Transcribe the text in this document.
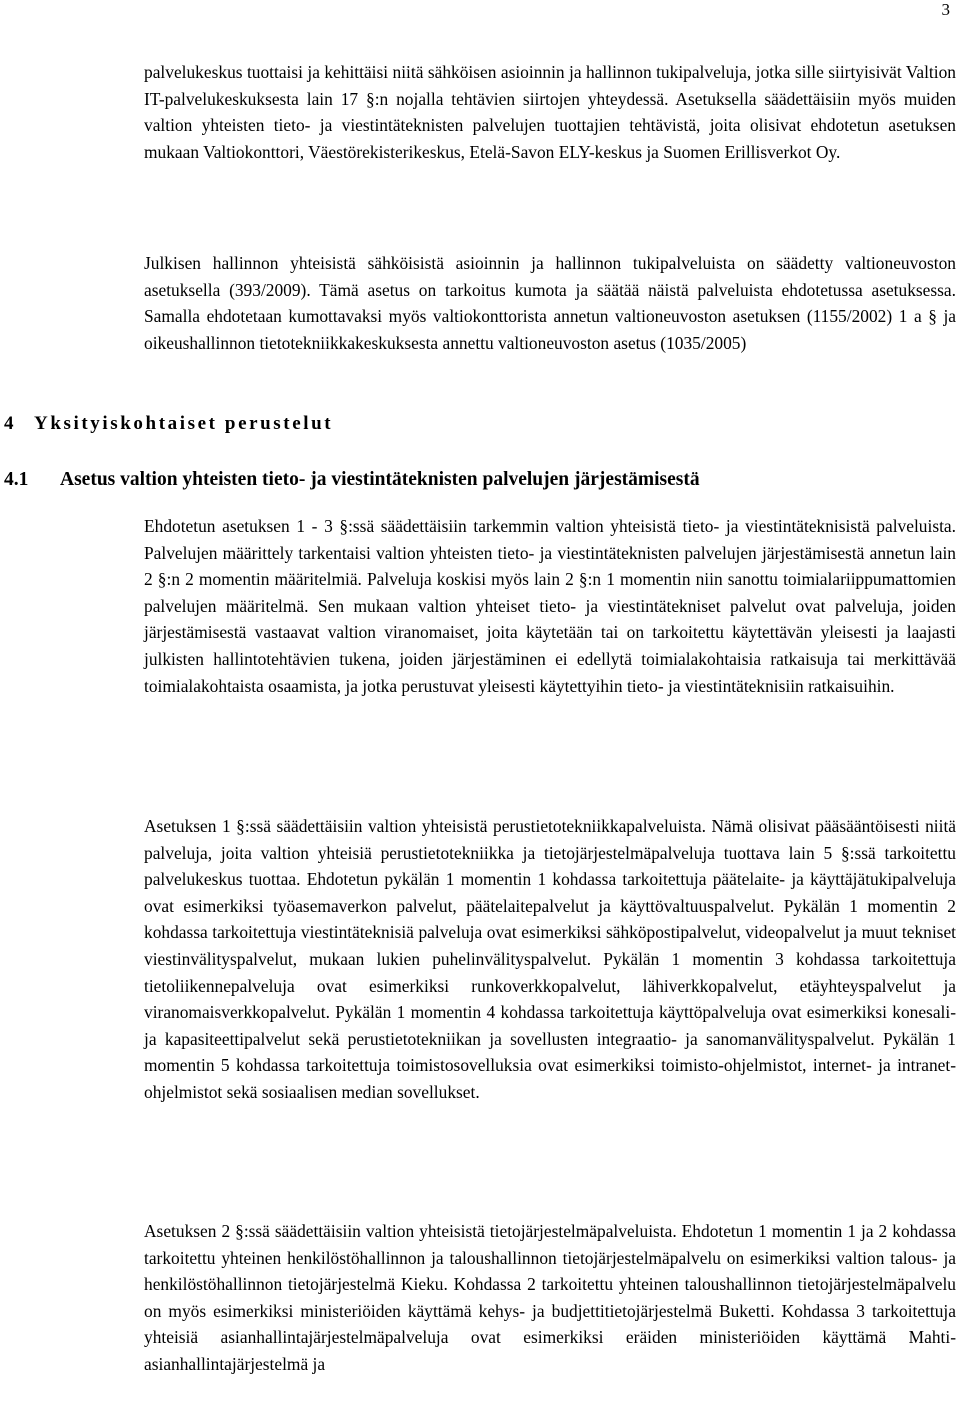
3

palvelukeskus tuottaisi ja kehittäisi niitä sähköisen asioinnin ja hallinnon tukipalveluja, jotka sille siirtyisivät Valtion IT-palvelukeskuksesta lain 17 §:n nojalla tehtävien siirtojen yhteydessä. Asetuksella säädettäisiin myös muiden valtion yhteisten tieto- ja viestintäteknisten palvelujen tuottajien tehtävistä, joita olisivat ehdotetun asetuksen mukaan Valtiokonttori, Väestörekisterikeskus, Etelä-Savon ELY-keskus ja Suomen Erillisverkot Oy.

Julkisen hallinnon yhteisistä sähköisistä asioinnin ja hallinnon tukipalveluista on säädetty valtioneuvoston asetuksella (393/2009). Tämä asetus on tarkoitus kumota ja säätää näistä palveluista ehdotetussa asetuksessa. Samalla ehdotetaan kumottavaksi myös valtiokonttorista annetun valtioneuvoston asetuksen (1155/2002) 1 a § ja oikeushallinnon tietotekniikkakeskuksesta annettu valtioneuvoston asetus (1035/2005)

4 Yksityiskohtaiset perustelut
4.1 Asetus valtion yhteisten tieto- ja viestintäteknisten palvelujen järjestämisestä

Ehdotetun asetuksen 1 - 3 §:ssä säädettäisiin tarkemmin valtion yhteisistä tieto- ja viestintäteknisistä palveluista. Palvelujen määrittely tarkentaisi valtion yhteisten tieto- ja viestintäteknisten palvelujen järjestämisestä annetun lain 2 §:n 2 momentin määritelmiä. Palveluja koskisi myös lain 2 §:n 1 momentin niin sanottu toimialariippumattomien palvelujen määritelmä. Sen mukaan valtion yhteiset tieto- ja viestintätekniset palvelut ovat palveluja, joiden järjestämisestä vastaavat valtion viranomaiset, joita käytetään tai on tarkoitettu käytettävän yleisesti ja laajasti julkisten hallintotehtävien tukena, joiden järjestäminen ei edellytä toimialakohtaisia ratkaisuja tai merkittävää toimialakohtaista osaamista, ja jotka perustuvat yleisesti käytettyihin tieto- ja viestintäteknisiin ratkaisuihin.

Asetuksen 1 §:ssä säädettäisiin valtion yhteisistä perustietotekniikkapalveluista. Nämä olisivat pääsääntöisesti niitä palveluja, joita valtion yhteisiä perustietotekniikka ja tietojärjestelmäpalveluja tuottava lain 5 §:ssä tarkoitettu palvelukeskus tuottaa. Ehdotetun pykälän 1 momentin 1 kohdassa tarkoitettuja päätelaite- ja käyttäjätukipalveluja ovat esimerkiksi työasemaverkon palvelut, päätelaitepalvelut ja käyttövaltuuspalvelut. Pykälän 1 momentin 2 kohdassa tarkoitettuja viestintäteknisiä palveluja ovat esimerkiksi sähköpostipalvelut, videopalvelut ja muut tekniset viestinvälityspalvelut, mukaan lukien puhelinvälityspalvelut. Pykälän 1 momentin 3 kohdassa tarkoitettuja tietoliikennepalveluja ovat esimerkiksi runkoverkkopalvelut, lähiverkkopalvelut, etäyhteyspalvelut ja viranomaisverkkopalvelut. Pykälän 1 momentin 4 kohdassa tarkoitettuja käyttöpalveluja ovat esimerkiksi konesali- ja kapasiteettipalvelut sekä perustietotekniikan ja sovellusten integraatio- ja sanomanvälityspalvelut. Pykälän 1 momentin 5 kohdassa tarkoitettuja toimistosovelluksia ovat esimerkiksi toimisto-ohjelmistot, internet- ja intranet-ohjelmistot sekä sosiaalisen median sovellukset.

Asetuksen 2 §:ssä säädettäisiin valtion yhteisistä tietojärjestelmäpalveluista. Ehdotetun 1 momentin 1 ja 2 kohdassa tarkoitettu yhteinen henkilöstöhallinnon ja taloushallinnon tietojärjestelmäpalvelu on esimerkiksi valtion talous- ja henkilöstöhallinnon tietojärjestelmä Kieku. Kohdassa 2 tarkoitettu yhteinen taloushallinnon tietojärjestelmäpalvelu on myös esimerkiksi ministeriöiden käyttämä kehys- ja budjettitietojärjestelmä Buketti. Kohdassa 3 tarkoitettuja yhteisiä asianhallintajärjestelmäpalveluja ovat esimerkiksi eräiden ministeriöiden käyttämä Mahti-asianhallintajärjestelmä ja
